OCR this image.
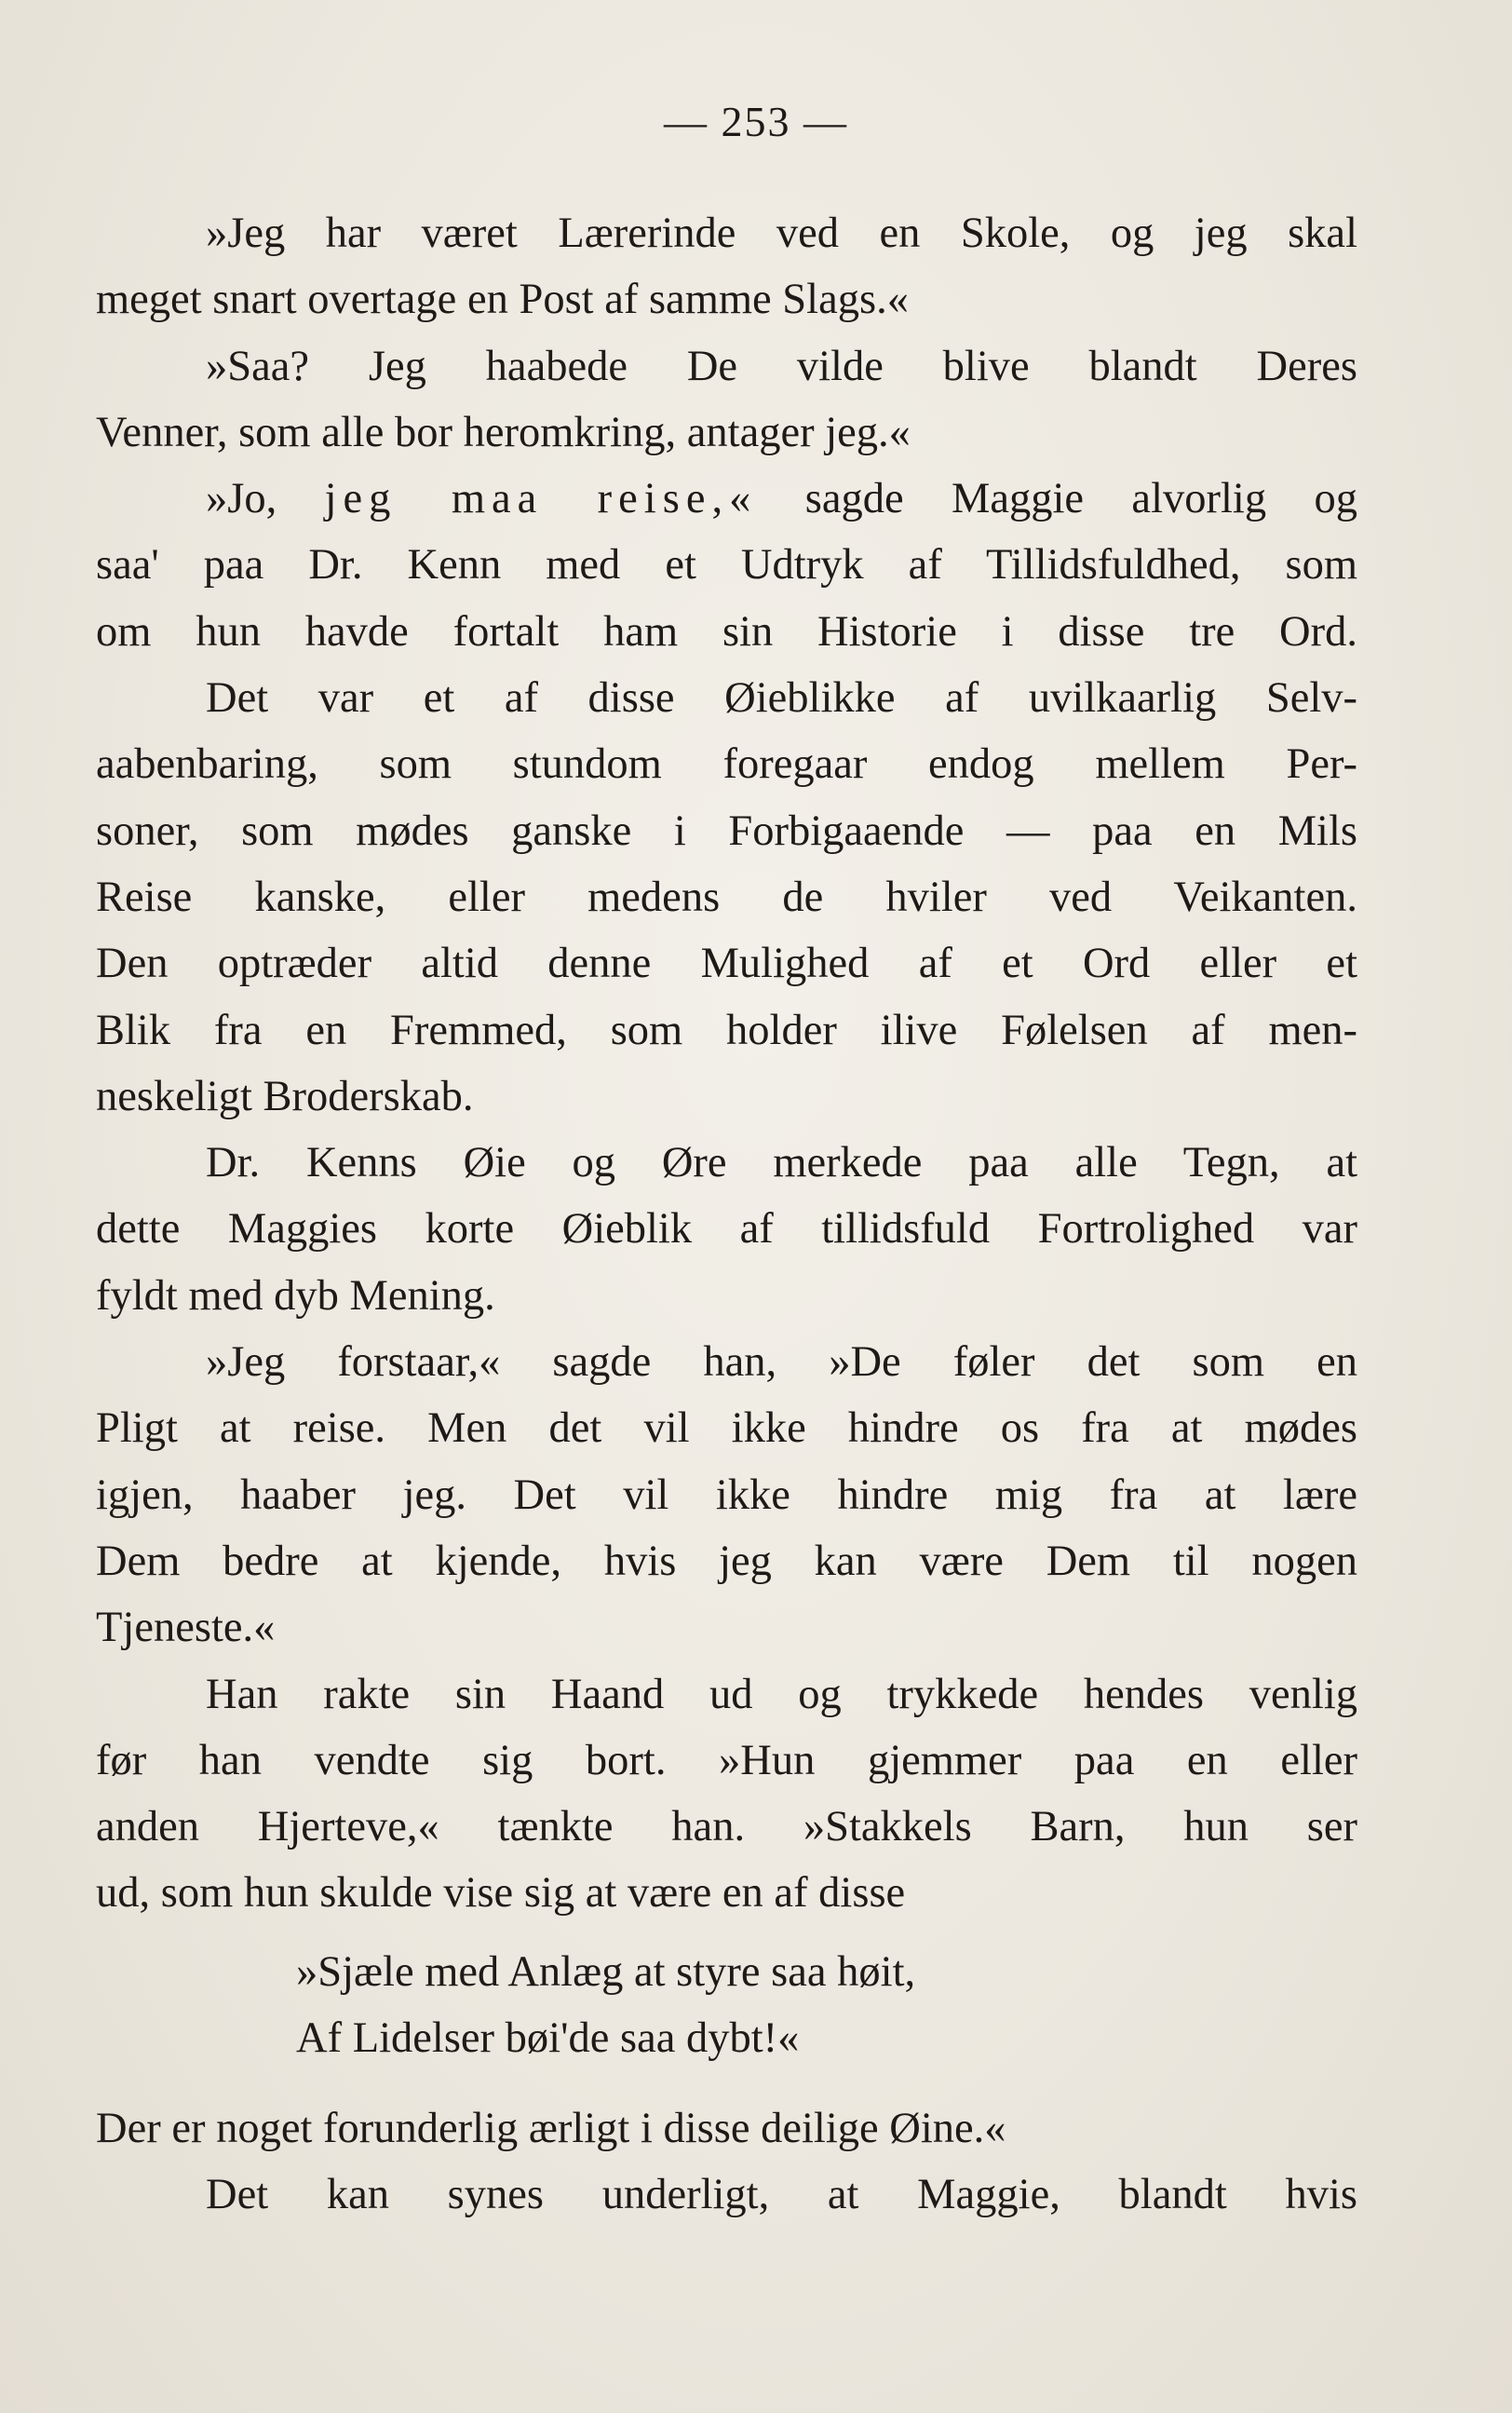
— 253 —
»Jeg har været Lærerinde ved en Skole, og jeg skal
meget snart overtage en Post af samme Slags.«
»Saa? Jeg haabede De vilde blive blandt Deres
Venner, som alle bor heromkring, antager jeg.«
»Jo, jeg maa reise,« sagde Maggie alvorlig og
saa' paa Dr. Kenn med et Udtryk af Tillidsfuldhed, som
om hun havde fortalt ham sin Historie i disse tre Ord.
Det var et af disse Øieblikke af uvilkaarlig Selv-
aabenbaring, som stundom foregaar endog mellem Per-
soner, som mødes ganske i Forbigaaende — paa en Mils
Reise kanske, eller medens de hviler ved Veikanten.
Den optræder altid denne Mulighed af et Ord eller et
Blik fra en Fremmed, som holder ilive Følelsen af men-
neskeligt Broderskab.
Dr. Kenns Øie og Øre merkede paa alle Tegn, at
dette Maggies korte Øieblik af tillidsfuld Fortrolighed var
fyldt med dyb Mening.
»Jeg forstaar,« sagde han, »De føler det som en
Pligt at reise. Men det vil ikke hindre os fra at mødes
igjen, haaber jeg. Det vil ikke hindre mig fra at lære
Dem bedre at kjende, hvis jeg kan være Dem til nogen
Tjeneste.«
Han rakte sin Haand ud og trykkede hendes venlig
før han vendte sig bort. »Hun gjemmer paa en eller
anden Hjerteve,« tænkte han. »Stakkels Barn, hun ser
ud, som hun skulde vise sig at være en af disse
»Sjæle med Anlæg at styre saa høit,
Af Lidelser bøi'de saa dybt!«
Der er noget forunderlig ærligt i disse deilige Øine.«
Det kan synes underligt, at Maggie, blandt hvis
